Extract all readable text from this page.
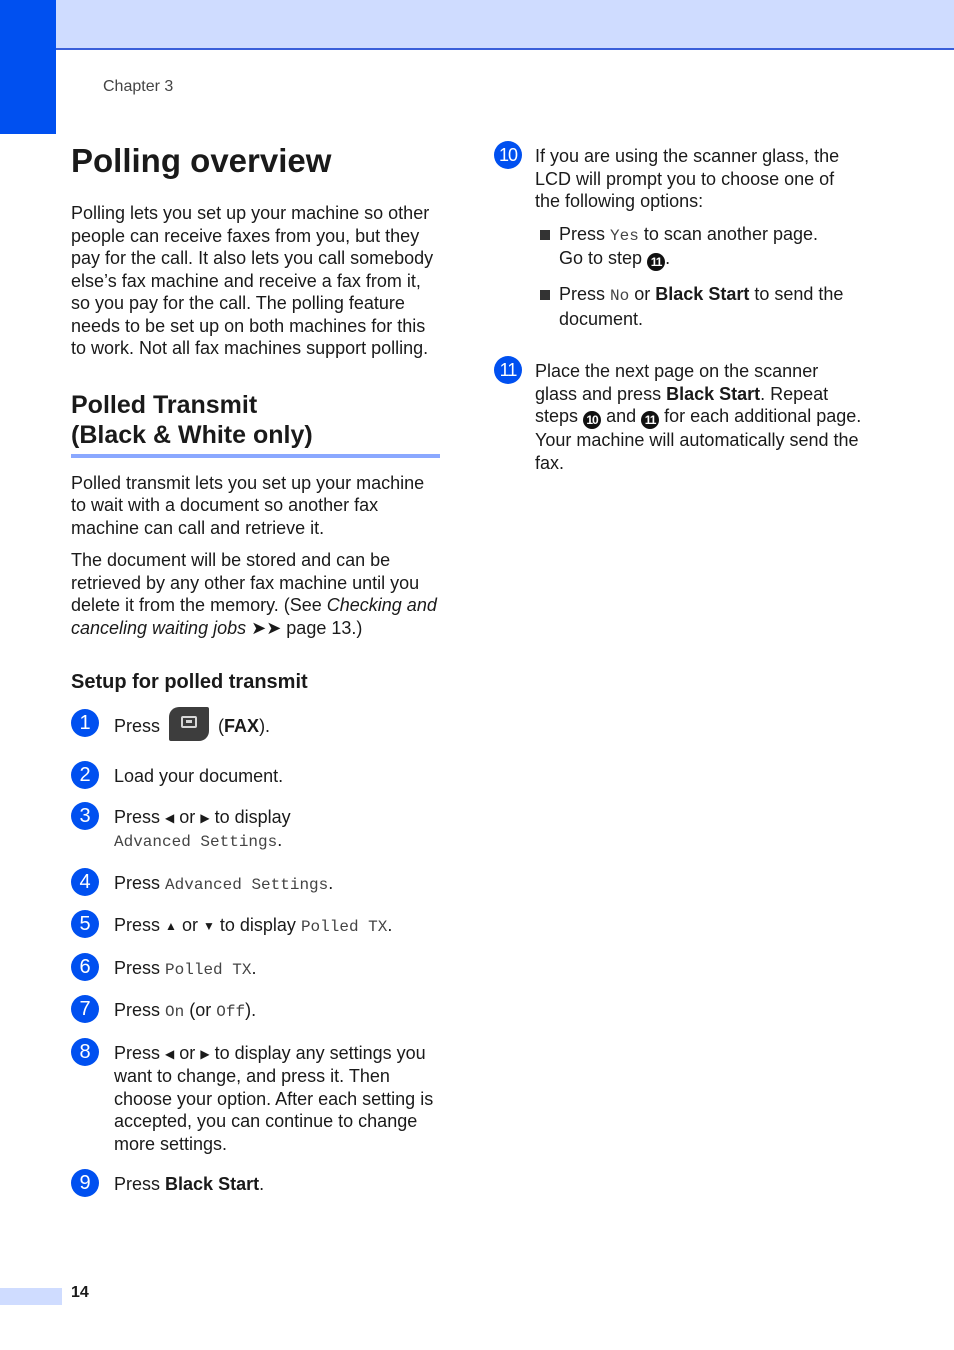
Chapter 3
Polling overview

Polling lets you set up your machine so other people can receive faxes from you, but they pay for the call. It also lets you call somebody else’s fax machine and receive a fax from it, so you pay for the call. The polling feature needs to be set up on both machines for this to work. Not all fax machines support polling.

Polled Transmit
(Black & White only)

Polled transmit lets you set up your machine to wait with a document so another fax machine can call and retrieve it.

The document will be stored and can be retrieved by any other fax machine until you delete it from the memory. (See Checking and canceling waiting jobs ➤➤ page 13.)

Setup for polled transmit
1	Press	(FAX).
2	Load your document.
3	Press ◀ or ▶ to display
Advanced Settings.
4	Press Advanced Settings.
5	Press ▲ or ▼ to display Polled TX.
6	Press Polled TX.
7	Press On (or Off).
8	Press ◀ or ▶ to display any settings you want to change, and press it. Then choose your option. After each setting is accepted, you can continue to change more settings.
9	Press Black Start.
10 If you are using the scanner glass, the LCD will prompt you to choose one of the following options:
Press Yes to scan another page.
Go to step 11 .
Press No or Black Start to send the document.
11	Place the next page on the scanner glass and press Black Start. Repeat steps 10 and 11 for each additional page.
Your machine will automatically send the fax.
14
